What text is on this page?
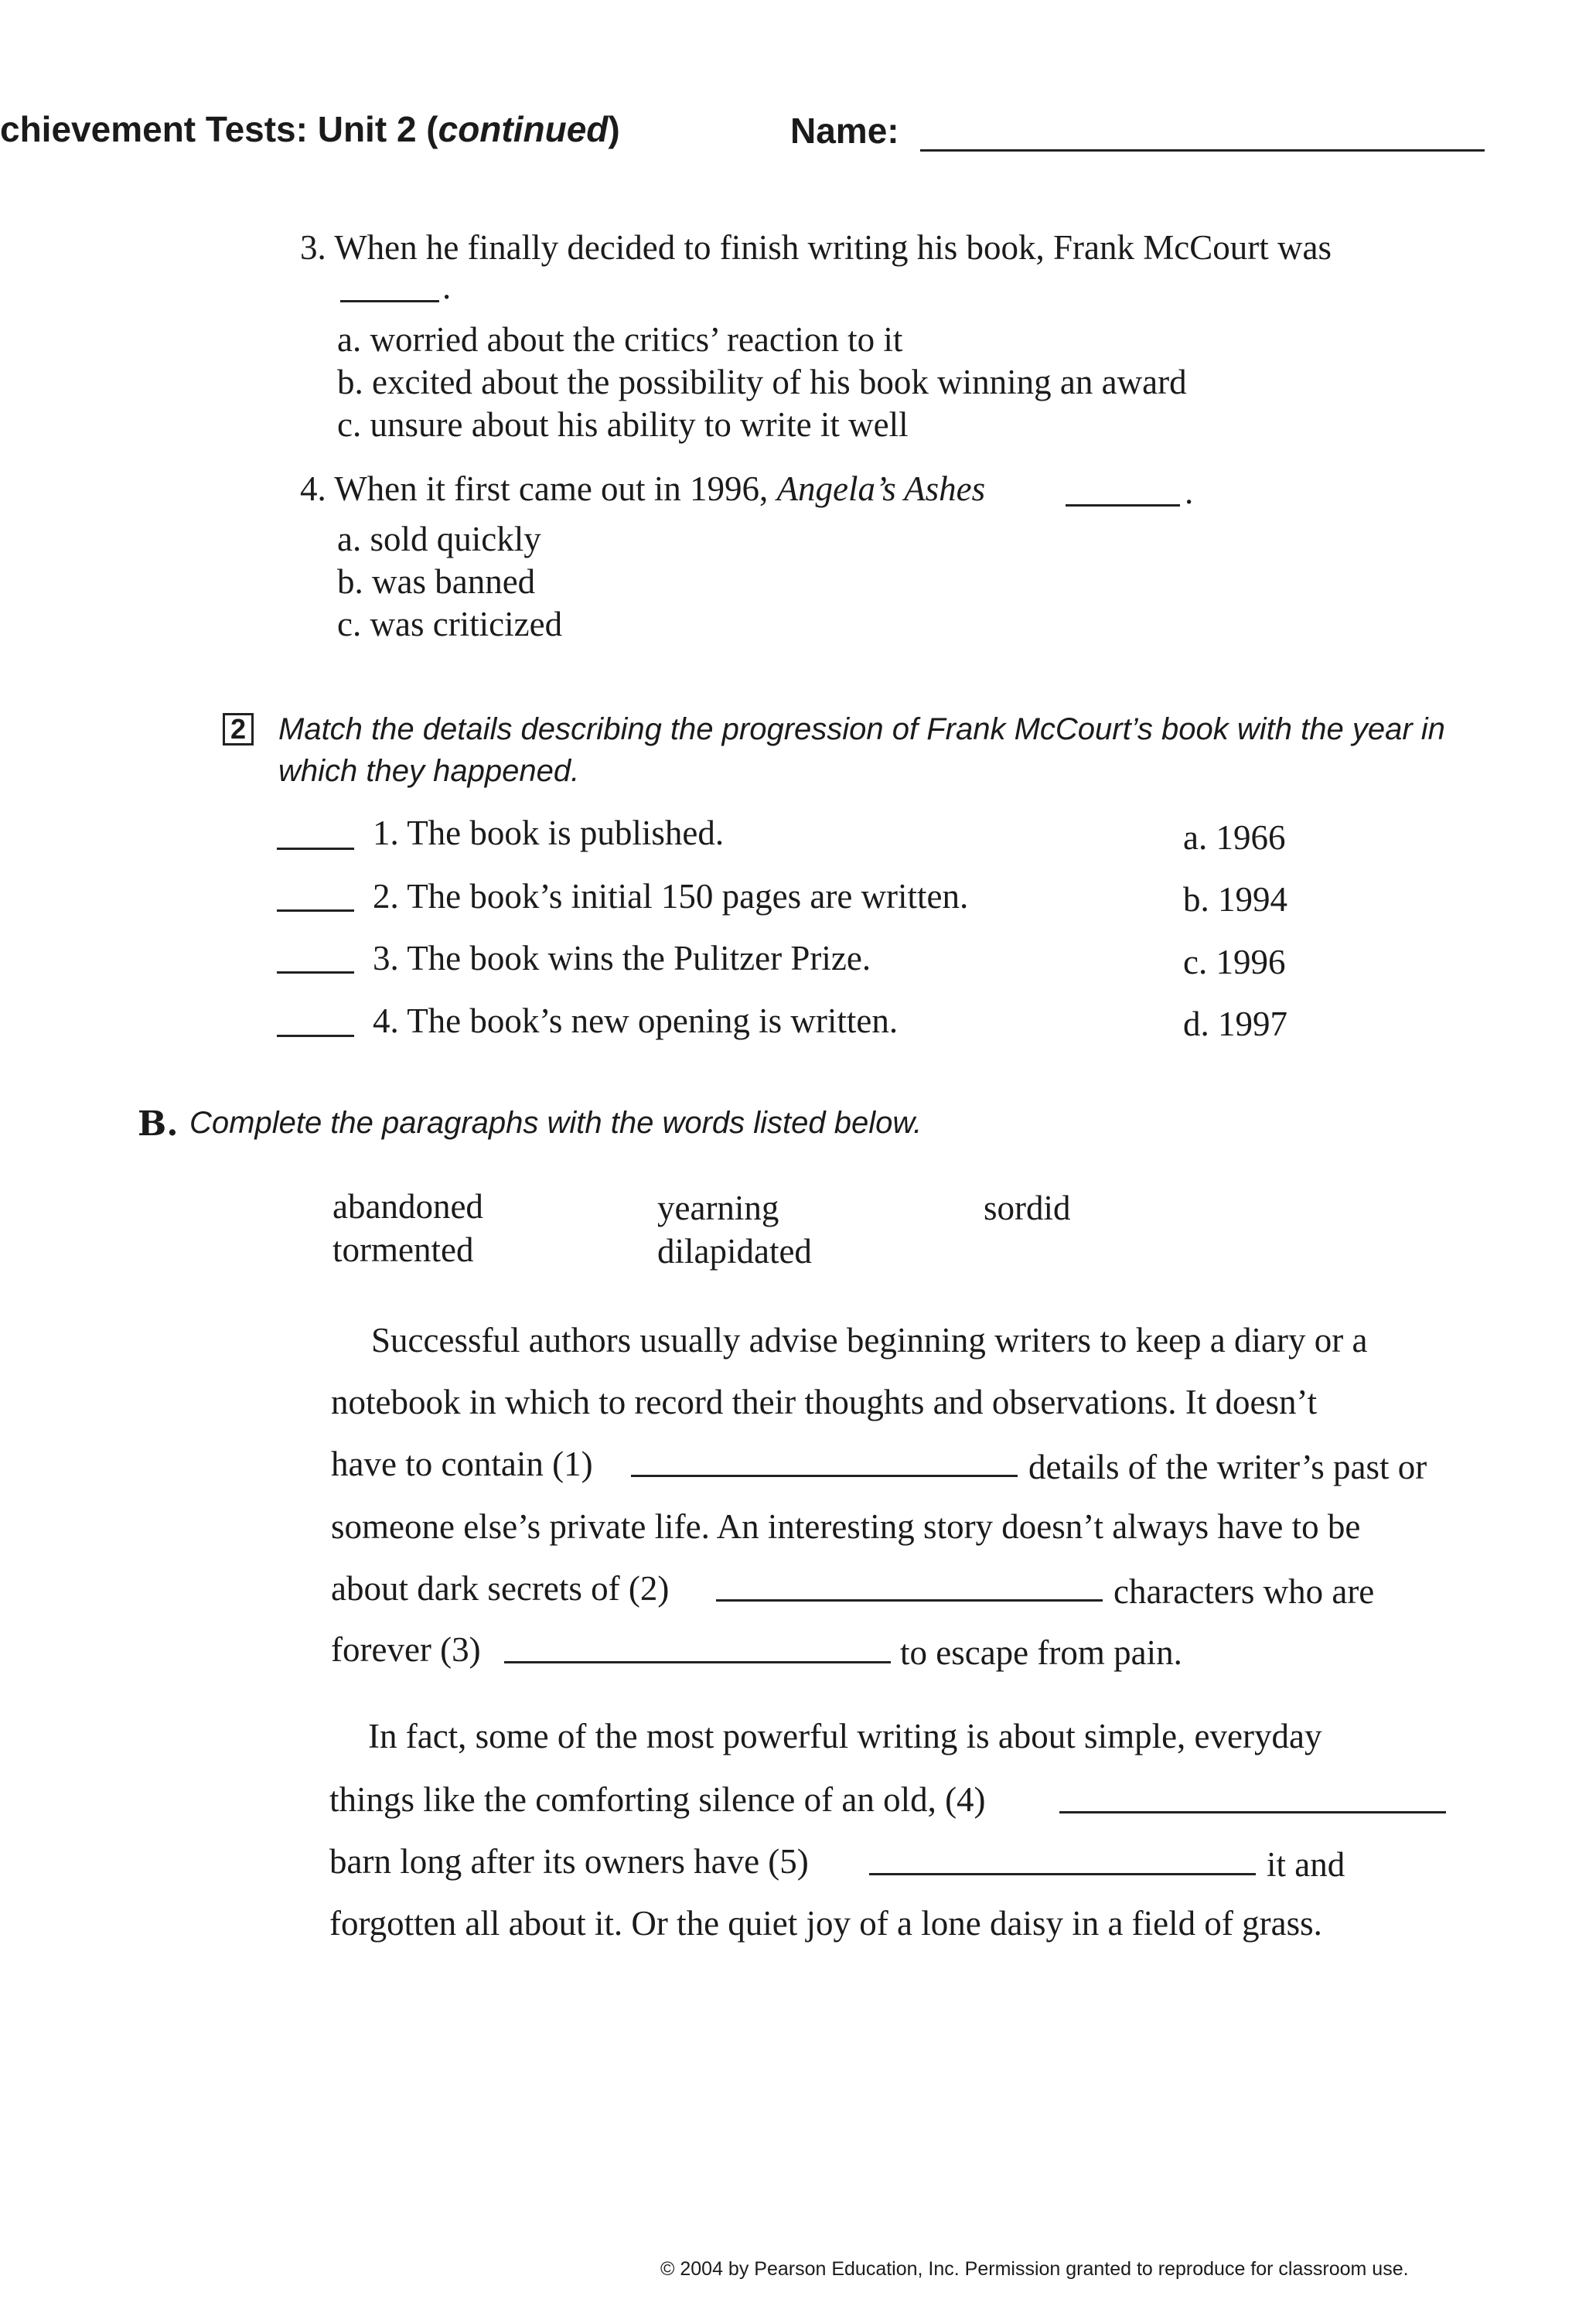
chievement Tests: Unit 2 (continued)	Name:
3. When he finally decided to finish writing his book, Frank McCourt was
.
a. worried about the critics’ reaction to it
b. excited about the possibility of his book winning an award
c. unsure about his ability to write it well
4. When it first came out in 1996, Angela’s Ashes	.
a. sold quickly
b. was banned
c. was criticized
2 Match the details describing the progression of Frank McCourt’s book with the year in which they happened.
1. The book is published.	a. 1966
2. The book’s initial 150 pages are written.	b. 1994
3. The book wins the Pulitzer Prize.	c. 1996
4. The book’s new opening is written.	d. 1997
B. Complete the paragraphs with the words listed below.
abandoned	yearning	sordid
tormented	dilapidated
Successful authors usually advise beginning writers to keep a diary or a
notebook in which to record their thoughts and observations. It doesn’t
have to contain (1)	details of the writer’s past or
someone else’s private life. An interesting story doesn’t always have to be
about dark secrets of (2)	characters who are
forever (3)	to escape from pain.
In fact, some of the most powerful writing is about simple, everyday
things like the comforting silence of an old, (4)
barn long after its owners have (5)	it and
forgotten all about it. Or the quiet joy of a lone daisy in a field of grass.
© 2004 by Pearson Education, Inc. Permission granted to reproduce for classroom use.
